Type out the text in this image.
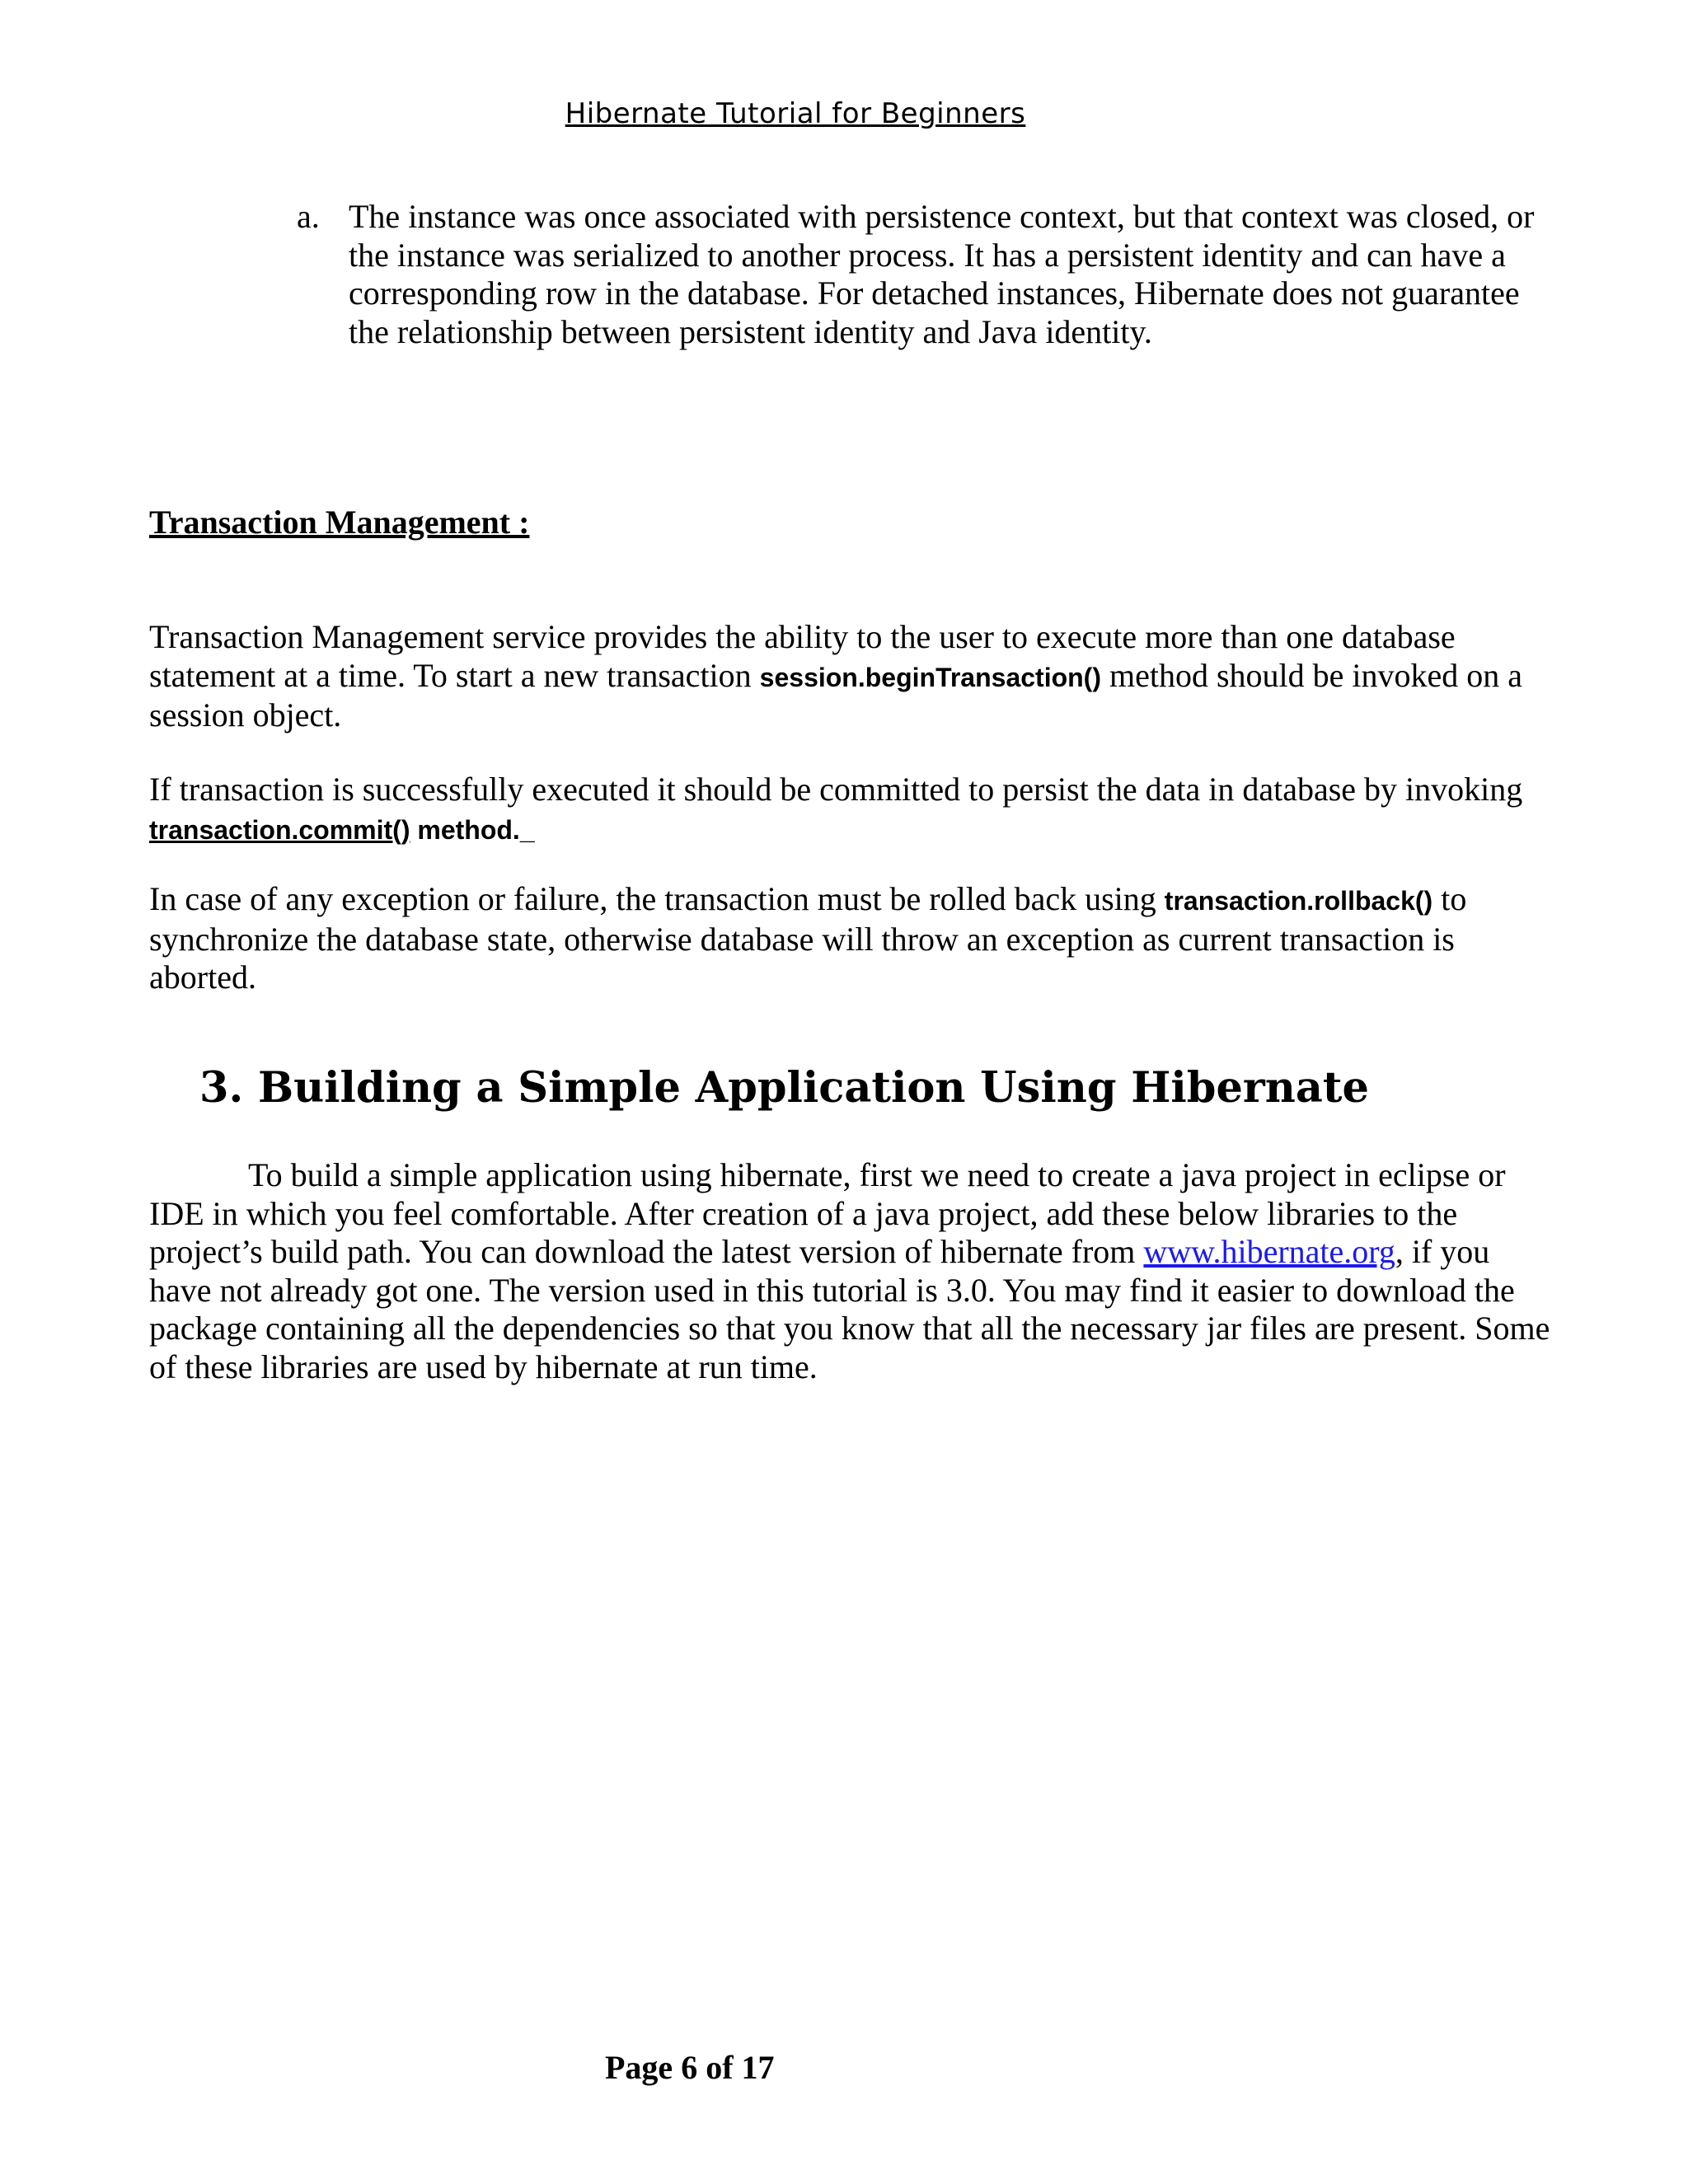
Hibernate Tutorial for Beginners
a. The instance was once associated with persistence context, but that context was closed, or the instance was serialized to another process. It has a persistent identity and can have a corresponding row in the database. For detached instances, Hibernate does not guarantee the relationship between persistent identity and Java identity.
Transaction Management :
Transaction Management service provides the ability to the user to execute more than one database statement at a time. To start a new transaction session.beginTransaction() method should be invoked on a session object.
If transaction is successfully executed it should be committed to persist the data in database by invoking transaction.commit() method._
In case of any exception or failure, the transaction must be rolled back using transaction.rollback() to synchronize the database state, otherwise database will throw an exception as current transaction is aborted.
3. Building a Simple Application Using Hibernate
To build a simple application using hibernate, first we need to create a java project in eclipse or IDE in which you feel comfortable. After creation of a java project, add these below libraries to the project’s build path. You can download the latest version of hibernate from www.hibernate.org, if you have not already got one. The version used in this tutorial is 3.0. You may find it easier to download the package containing all the dependencies so that you know that all the necessary jar files are present. Some of these libraries are used by hibernate at run time.
Page 6 of 17
